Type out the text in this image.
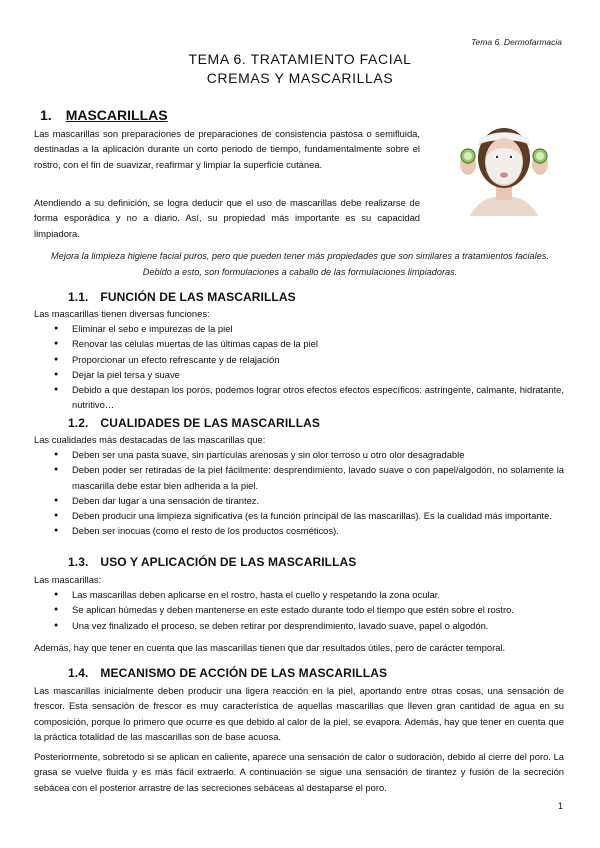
Tema 6. Dermofarmacia
TEMA 6. TRATAMIENTO FACIAL
CREMAS Y MASCARILLAS
1. MASCARILLAS
Las mascarillas son preparaciones de preparaciones de consistencia pastosa o semifluida, destinadas a la aplicación durante un corto periodo de tiempo, fundamentalmente sobre el rostro, con el fin de suavizar, reafirmar y limpiar la superficie cutánea.
Atendiendo a su definición, se logra deducir que el uso de mascarillas debe realizarse de forma esporádica y no a diario. Así, su propiedad más importante es su capacidad limpiadora.
Mejora la limpieza higiene facial puros, pero que pueden tener más propiedades que son similares a tratamientos faciales. Debido a esto, son formulaciones a caballo de las formulaciones limpiadoras.
1.1. FUNCIÓN DE LAS MASCARILLAS
Las mascarillas tienen diversas funciones:
● Eliminar el sebo e impurezas de la piel
● Renovar las células muertas de las últimas capas de la piel
● Proporcionar un efecto refrescante y de relajación
● Dejar la piel tersa y suave
● Debido a que destapan los poros, podemos lograr otros efectos efectos específicos: astringente, calmante, hidratante, nutritivo…
1.2. CUALIDADES DE LAS MASCARILLAS
Las cualidades más destacadas de las mascarillas que:
● Deben ser una pasta suave, sin partículas arenosas y sin olor terroso u otro olor desagradable
● Deben poder ser retiradas de la piel fácilmente: desprendimiento, lavado suave o con papel/algodón, no solamente la mascarilla debe estar bien adherida a la piel.
● Deben dar lugar a una sensación de tirantez.
● Deben producir una limpieza significativa (es la función principal de las mascarillas). Es la cualidad más importante.
● Deben ser inocuas (como el resto de los productos cosméticos).
1.3. USO Y APLICACIÓN DE LAS MASCARILLAS
Las mascarillas:
● Las mascarillas deben aplicarse en el rostro, hasta el cuello y respetando la zona ocular.
● Se aplican húmedas y deben mantenerse en este estado durante todo el tiempo que estén sobre el rostro.
● Una vez finalizado el proceso, se deben retirar por desprendimiento, lavado suave, papel o algodón.
Además, hay que tener en cuenta que las mascarillas tienen que dar resultados útiles, pero de carácter temporal.
1.4. MECANISMO DE ACCIÓN DE LAS MASCARILLAS
Las mascarillas inicialmente deben producir una ligera reacción en la piel, aportando entre otras cosas, una sensación de frescor. Esta sensación de frescor es muy característica de aquellas mascarillas que lleven gran cantidad de agua en su composición, porque lo primero que ocurre es que debido al calor de la piel, se evapora. Además, hay que tener en cuenta que la práctica totalidad de las mascarillas son de base acuosa.
Posteriormente, sobretodo si se aplican en caliente, aparece una sensación de calor o sudoración, debido al cierre del poro. La grasa se vuelve fluida y es más fácil extraerlo. A continuación se sigue una sensación de tirantez y fusión de la secreción sebácea con el posterior arrastre de las secreciones sebáceas al destaparse el poro.
1
